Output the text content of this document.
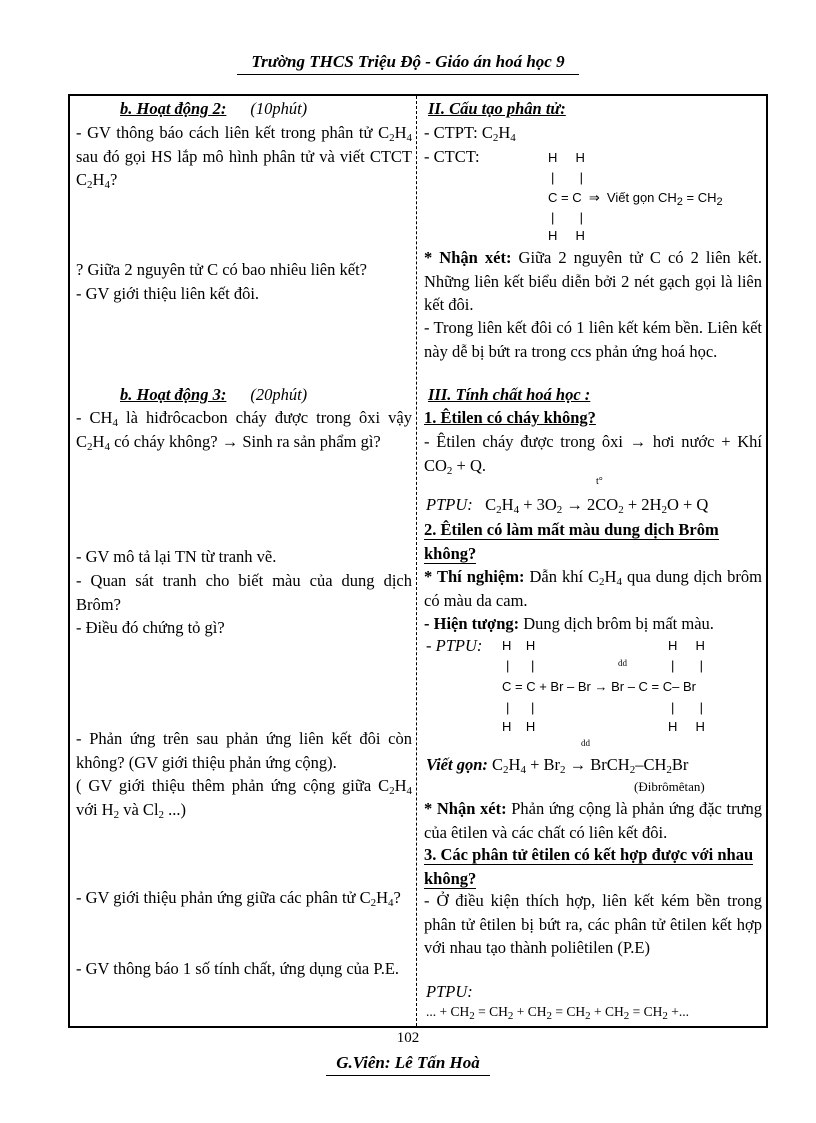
Trường THCS Triệu Độ - Giáo án hoá học 9
b. Hoạt động 2: (10phút)
- GV thông báo cách liên kết trong phân tử $C_2H_4$ sau đó gọi HS lắp mô hình phân tử và viết CTCT $C_2H_4$?
? Giữa 2 nguyên tử C có bao nhiêu liên kết?
- GV giới thiệu liên kết đôi.
b. Hoạt động 3: (20phút)
- $CH_4$ là hiđrôcacbon cháy được trong ôxi vậy $C_2H_4$ có cháy không? → Sinh ra sản phẩm gì?
- GV mô tả lại TN từ tranh vẽ.
- Quan sát tranh cho biết màu của dung dịch Brôm?
- Điều đó chứng tỏ gì?
- Phản ứng trên sau phản ứng liên kết đôi còn không? (GV giới thiệu phản ứng cộng).
( GV giới thiệu thêm phản ứng cộng giữa $C_2H_4$ với $H_2$ và $Cl_2$ ...)
- GV giới thiệu phản ứng giữa các phân tử $C_2H_4$?
- GV thông báo 1 số tính chất, ứng dụng của P.E.
II. Cấu tạo phân tử:
- CTPT: $C_2H_4$
- CTCT:	H     H
|       |
C = C  ⇒  Viết gọn $CH_2 = CH_2$
|       |
H     H
* Nhận xét: Giữa 2 nguyên tử C có 2 liên kết. Những liên kết biểu diễn bởi 2 nét gạch gọi là liên kết đôi.
- Trong liên kết đôi có 1 liên kết kém bền. Liên kết này dễ bị bứt ra trong ccs phản ứng hoá học.
III. Tính chất hoá học :
1. Êtilen có cháy không?
- Êtilen cháy được trong ôxi → hơi nước + Khí $CO_2 + Q$.
t°
PTPU:   $C_2H_4 + 3O_2 \to 2CO_2 + 2H_2O + Q$
2. Êtilen có làm mất màu dung dịch Brôm không?
* Thí nghiệm: Dẫn khí $C_2H_4$ qua dung dịch brôm có màu da cam.
- Hiện tượng: Dung dịch brôm bị mất màu.
- PTPU: H    H	H     H
|      |	dd	|       |
C = C + Br – Br → Br – C = C– Br
|      |	|       |
H    H	H     H
dd
Viết gọn: $C_2H_4 + Br_2$ → $BrCH_2-CH_2Br$
(Đibrômêtan)
* Nhận xét: Phản ứng cộng là phản ứng đặc trưng của êtilen và các chất có liên kết đôi.
3. Các phân tử êtilen có kết hợp được với nhau không?
- Ở điều kiện thích hợp, liên kết kém bền trong phân tử êtilen bị bứt ra, các phân tử êtilen kết hợp với nhau tạo thành poliêtilen (P.E)
PTPU:
... + $CH_2 = CH_2 + CH_2 = CH_2 + CH_2 = CH_2$ +...
102
G.Viên: Lê Tấn Hoà
